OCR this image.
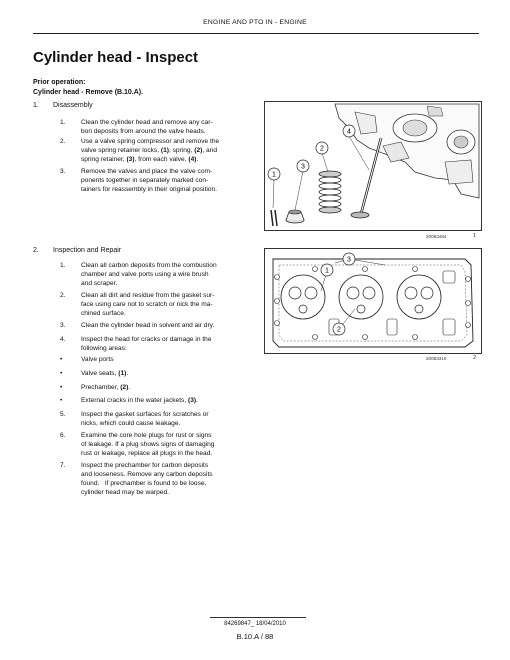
ENGINE AND PTO IN - ENGINE
Cylinder head - Inspect
Prior operation:
Cylinder head - Remove (B.10.A).
1. Disassembly
1. Clean the cylinder head and remove any car-
bon deposits from around the valve heads.
2. Use a valve spring compressor and remove the
valve spring retainer locks, (1), spring, (2), and
spring retainer, (3), from each valve, (4).
3. Remove the valves and place the valve com-
ponents together in separately marked con-
tainers for reassembly in their original position.
1
3
2
4
20083484	1
2. Inspection and Repair
1. Clean all carbon deposits from the combustion
chamber and valve ports using a wire brush
and scraper.
2. Clean all dirt and residue from the gasket sur-
face using care not to scratch or nick the ma-
chined surface.
3. Clean the cylinder head in solvent and air dry.
4. Inspect the head for cracks or damage in the
following areas:
•	Valve ports
•	Valve seats, (1).
•	Prechamber, (2).
•	External cracks in the water jackets, (3).
5. Inspect the gasket surfaces for scratches or
nicks, which could cause leakage.
6. Examine the core hole plugs for rust or signs
of leakage. If a plug shows signs of damaging
rust or leakage, replace all plugs in the head.
7. Inspect the prechamber for carbon deposits
and looseness. Remove any carbon deposits
found.   If prechamber is found to be loose,
cylinder head may be warped.
3
1
2
20083310	2
84269847_ 18/04/2010
B.10.A / 88
